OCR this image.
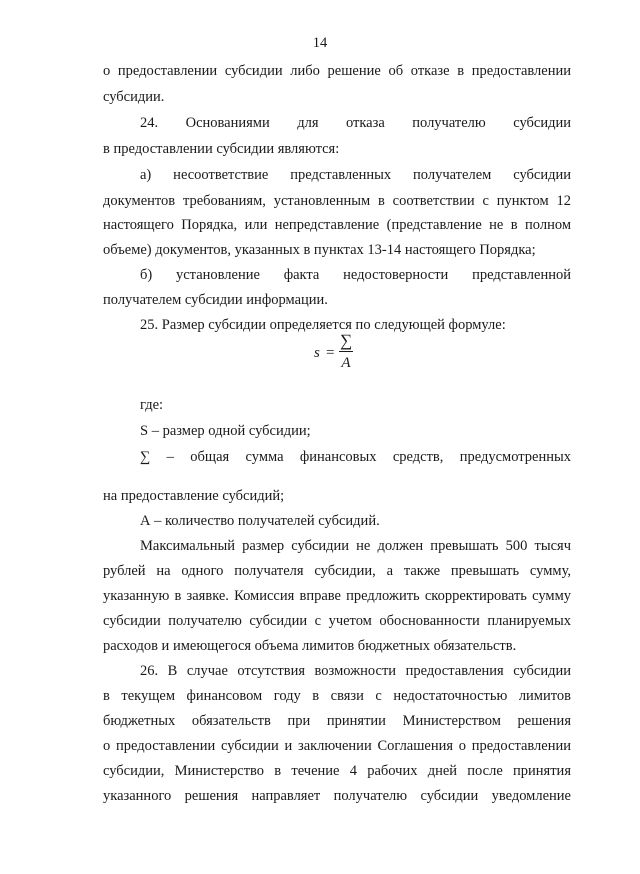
14
о предоставлении субсидии либо решение об отказе в предоставлении
субсидии.
24. Основаниями для отказа получателю субсидии
в предоставлении субсидии являются:
а) несоответствие представленных получателем субсидии
документов требованиям, установленным в соответствии с пунктом 12
настоящего Порядка, или непредставление (представление не в полном
объеме) документов, указанных в пунктах 13-14 настоящего Порядка;
б) установление факта недостоверности представленной
получателем субсидии информации.
25. Размер субсидии определяется по следующей формуле:
s =
∑
A
где:
S – размер одной субсидии;
∑ – общая сумма финансовых средств, предусмотренных
на предоставление субсидий;
А – количество получателей субсидий.
Максимальный размер субсидии не должен превышать 500 тысяч
рублей на одного получателя субсидии, а также превышать сумму,
указанную в заявке. Комиссия вправе предложить скорректировать сумму
субсидии получателю субсидии с учетом обоснованности планируемых
расходов и имеющегося объема лимитов бюджетных обязательств.
26. В случае отсутствия возможности предоставления субсидии
в текущем финансовом году в связи с недостаточностью лимитов
бюджетных обязательств при принятии Министерством решения
о предоставлении субсидии и заключении Соглашения о предоставлении
субсидии, Министерство в течение 4 рабочих дней после принятия
указанного решения направляет получателю субсидии уведомление
